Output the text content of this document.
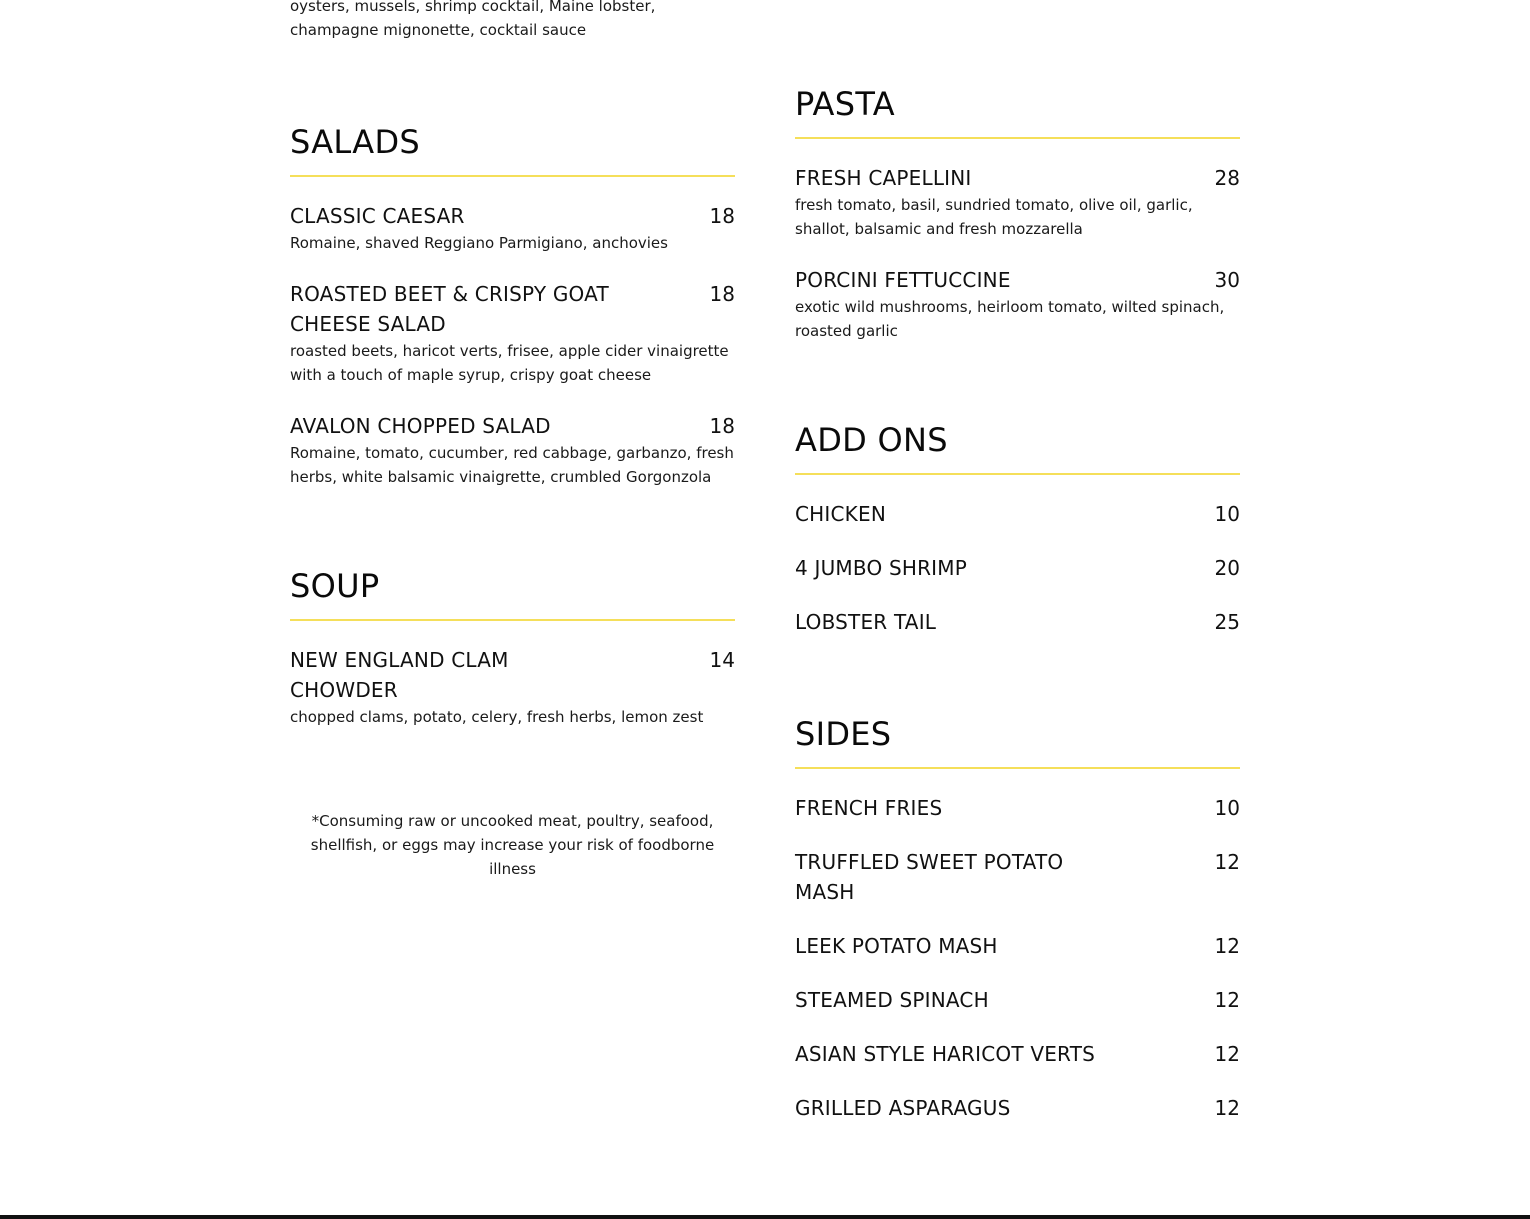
oysters, mussels, shrimp cocktail, Maine lobster, champagne mignonette, cocktail sauce

SALADS
CLASSIC CAESAR	18

Romaine, shaved Reggiano Parmigiano, anchovies

ROASTED BEET & CRISPY GOAT CHEESE SALAD
18

roasted beets, haricot verts, frisee, apple cider vinaigrette with a touch of maple syrup, crispy goat cheese

AVALON CHOPPED SALAD	18

Romaine, tomato, cucumber, red cabbage, garbanzo, fresh herbs, white balsamic vinaigrette, crumbled Gorgonzola

SOUP
NEW ENGLAND CLAM CHOWDER
14

chopped clams, potato, celery, fresh herbs, lemon zest

*Consuming raw or uncooked meat, poultry, seafood, shellfish, or eggs may increase your risk of foodborne illness

PASTA
FRESH CAPELLINI	28

fresh tomato, basil, sundried tomato, olive oil, garlic, shallot, balsamic and fresh mozzarella

PORCINI FETTUCCINE	30

exotic wild mushrooms, heirloom tomato, wilted spinach, roasted garlic

ADD ONS
CHICKEN	10
4 JUMBO SHRIMP	20
LOBSTER TAIL	25
SIDES
FRENCH FRIES	10
TRUFFLED SWEET POTATO MASH
12
LEEK POTATO MASH	12
STEAMED SPINACH	12
ASIAN STYLE HARICOT VERTS	12
GRILLED ASPARAGUS	12
